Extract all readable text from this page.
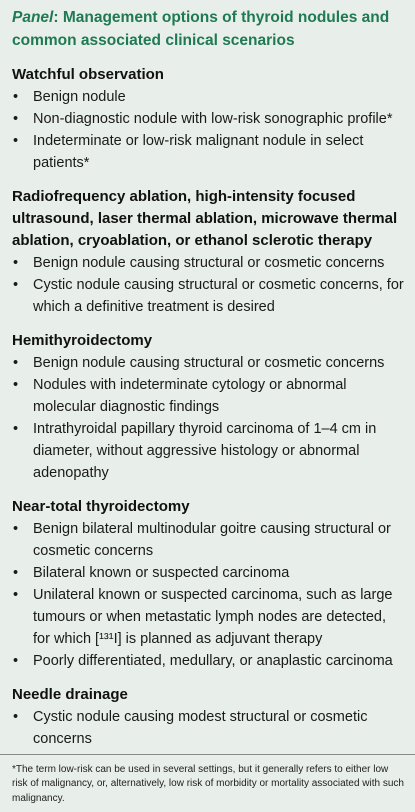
Panel: Management options of thyroid nodules and common associated clinical scenarios
Watchful observation
• Benign nodule
• Non-diagnostic nodule with low-risk sonographic profile*
• Indeterminate or low-risk malignant nodule in select patients*
Radiofrequency ablation, high-intensity focused ultrasound, laser thermal ablation, microwave thermal ablation, cryoablation, or ethanol sclerotic therapy
• Benign nodule causing structural or cosmetic concerns
• Cystic nodule causing structural or cosmetic concerns, for which a definitive treatment is desired
Hemithyroidectomy
• Benign nodule causing structural or cosmetic concerns
• Nodules with indeterminate cytology or abnormal molecular diagnostic findings
• Intrathyroidal papillary thyroid carcinoma of 1–4 cm in diameter, without aggressive histology or abnormal adenopathy
Near-total thyroidectomy
• Benign bilateral multinodular goitre causing structural or cosmetic concerns
• Bilateral known or suspected carcinoma
• Unilateral known or suspected carcinoma, such as large tumours or when metastatic lymph nodes are detected, for which [¹³¹I] is planned as adjuvant therapy
• Poorly differentiated, medullary, or anaplastic carcinoma
Needle drainage
• Cystic nodule causing modest structural or cosmetic concerns
*The term low-risk can be used in several settings, but it generally refers to either low risk of malignancy, or, alternatively, low risk of morbidity or mortality associated with such malignancy.
